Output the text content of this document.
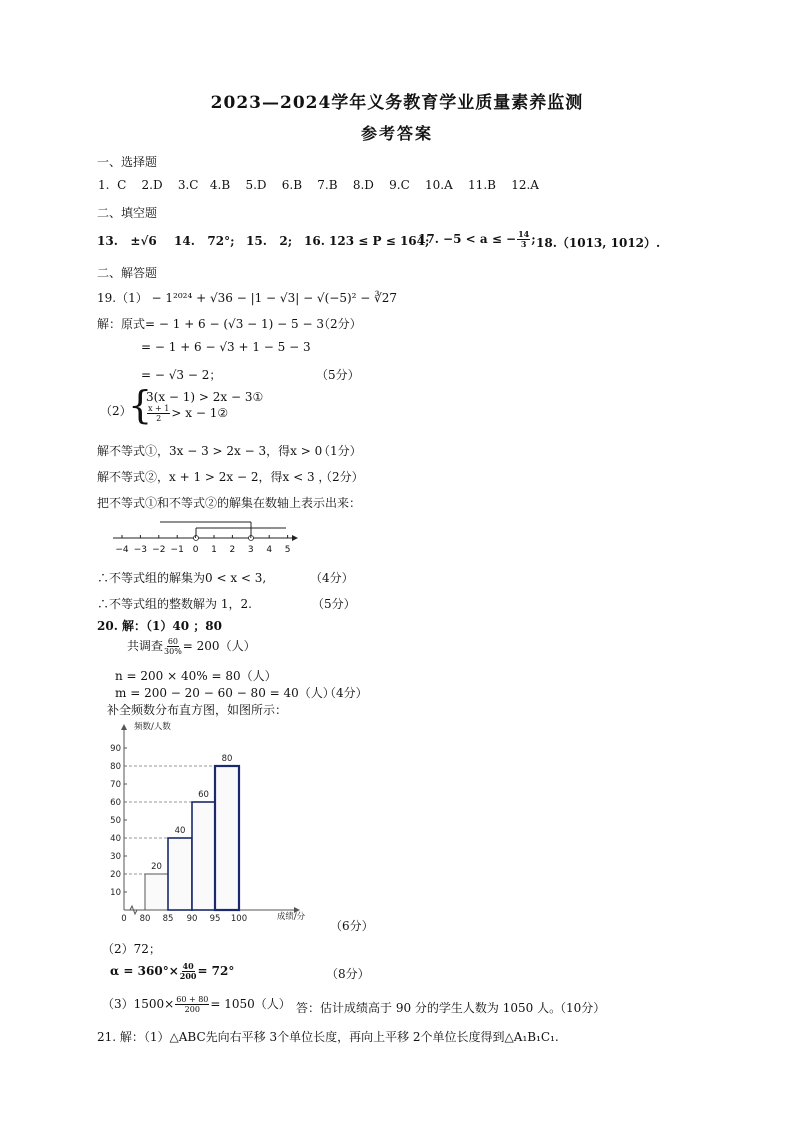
2023—2024学年义务教育学业质量素养监测
参考答案
一、选择题
1.  C    2.D    3.C   4.B    5.D    6.B    7.B    8.D    9.C    10.A    11.B    12.A
二、填空题
13.   ±√6 14.   72°; 15.   2; 16. 123 ≤ P ≤ 164;
17. −5 < a ≤ − $\frac{14}{3}$ ; 18.（1013, 1012）.
二、解答题
19.（1） − 1²⁰²⁴ + √36 − |1 − √3| − √(−5)² − ∛27
解：原式= − 1 + 6 − (√3 − 1) − 5 − 3
（2分）
= − 1 + 6 − √3 + 1 − 5 − 3
= − √3 − 2；	（5分）
（2）
{
3(x − 1) > 2x − 3①
$\frac{x + 1}{2} > x$ − 1②
解不等式①，3x − 3 > 2x − 3，得x > 0
（1分）
解不等式②，x + 1 > 2x − 2，得x < 3 ，
（2分）
把不等式①和不等式②的解集在数轴上表示出来：
−4 −3 −2 −1 0 1 2 3 4 5
∴不等式组的解集为0 < x < 3,	（4分）
∴不等式组的整数解为 1，2.	（5分）
20. 解：（1）40 ；80
共调查 $\frac{60}{30\%} = 200$（人）
n = 200 × 40% = 80（人）
m = 200 − 20 − 60 − 80 = 40（人）
（4分）
补全频数分布直方图，如图所示：
频数/人数
成绩/分
10
20
30
40
50
60
70
80
90
0 80 85 90 95 100
20
40
60
80
（6分）
（2）72；
$\alpha = 360^\circ\times \frac{40}{200} = 72^\circ$	（8分）
$(3)1500\times \frac{60 + 80}{200} = 1050$（人） 答：估计成绩高于 90 分的学生人数为 1050 人。
（10分）
21. 解：（1）△ABC先向右平移 3个单位长度，再向上平移 2个单位长度得到△A₁B₁C₁.
